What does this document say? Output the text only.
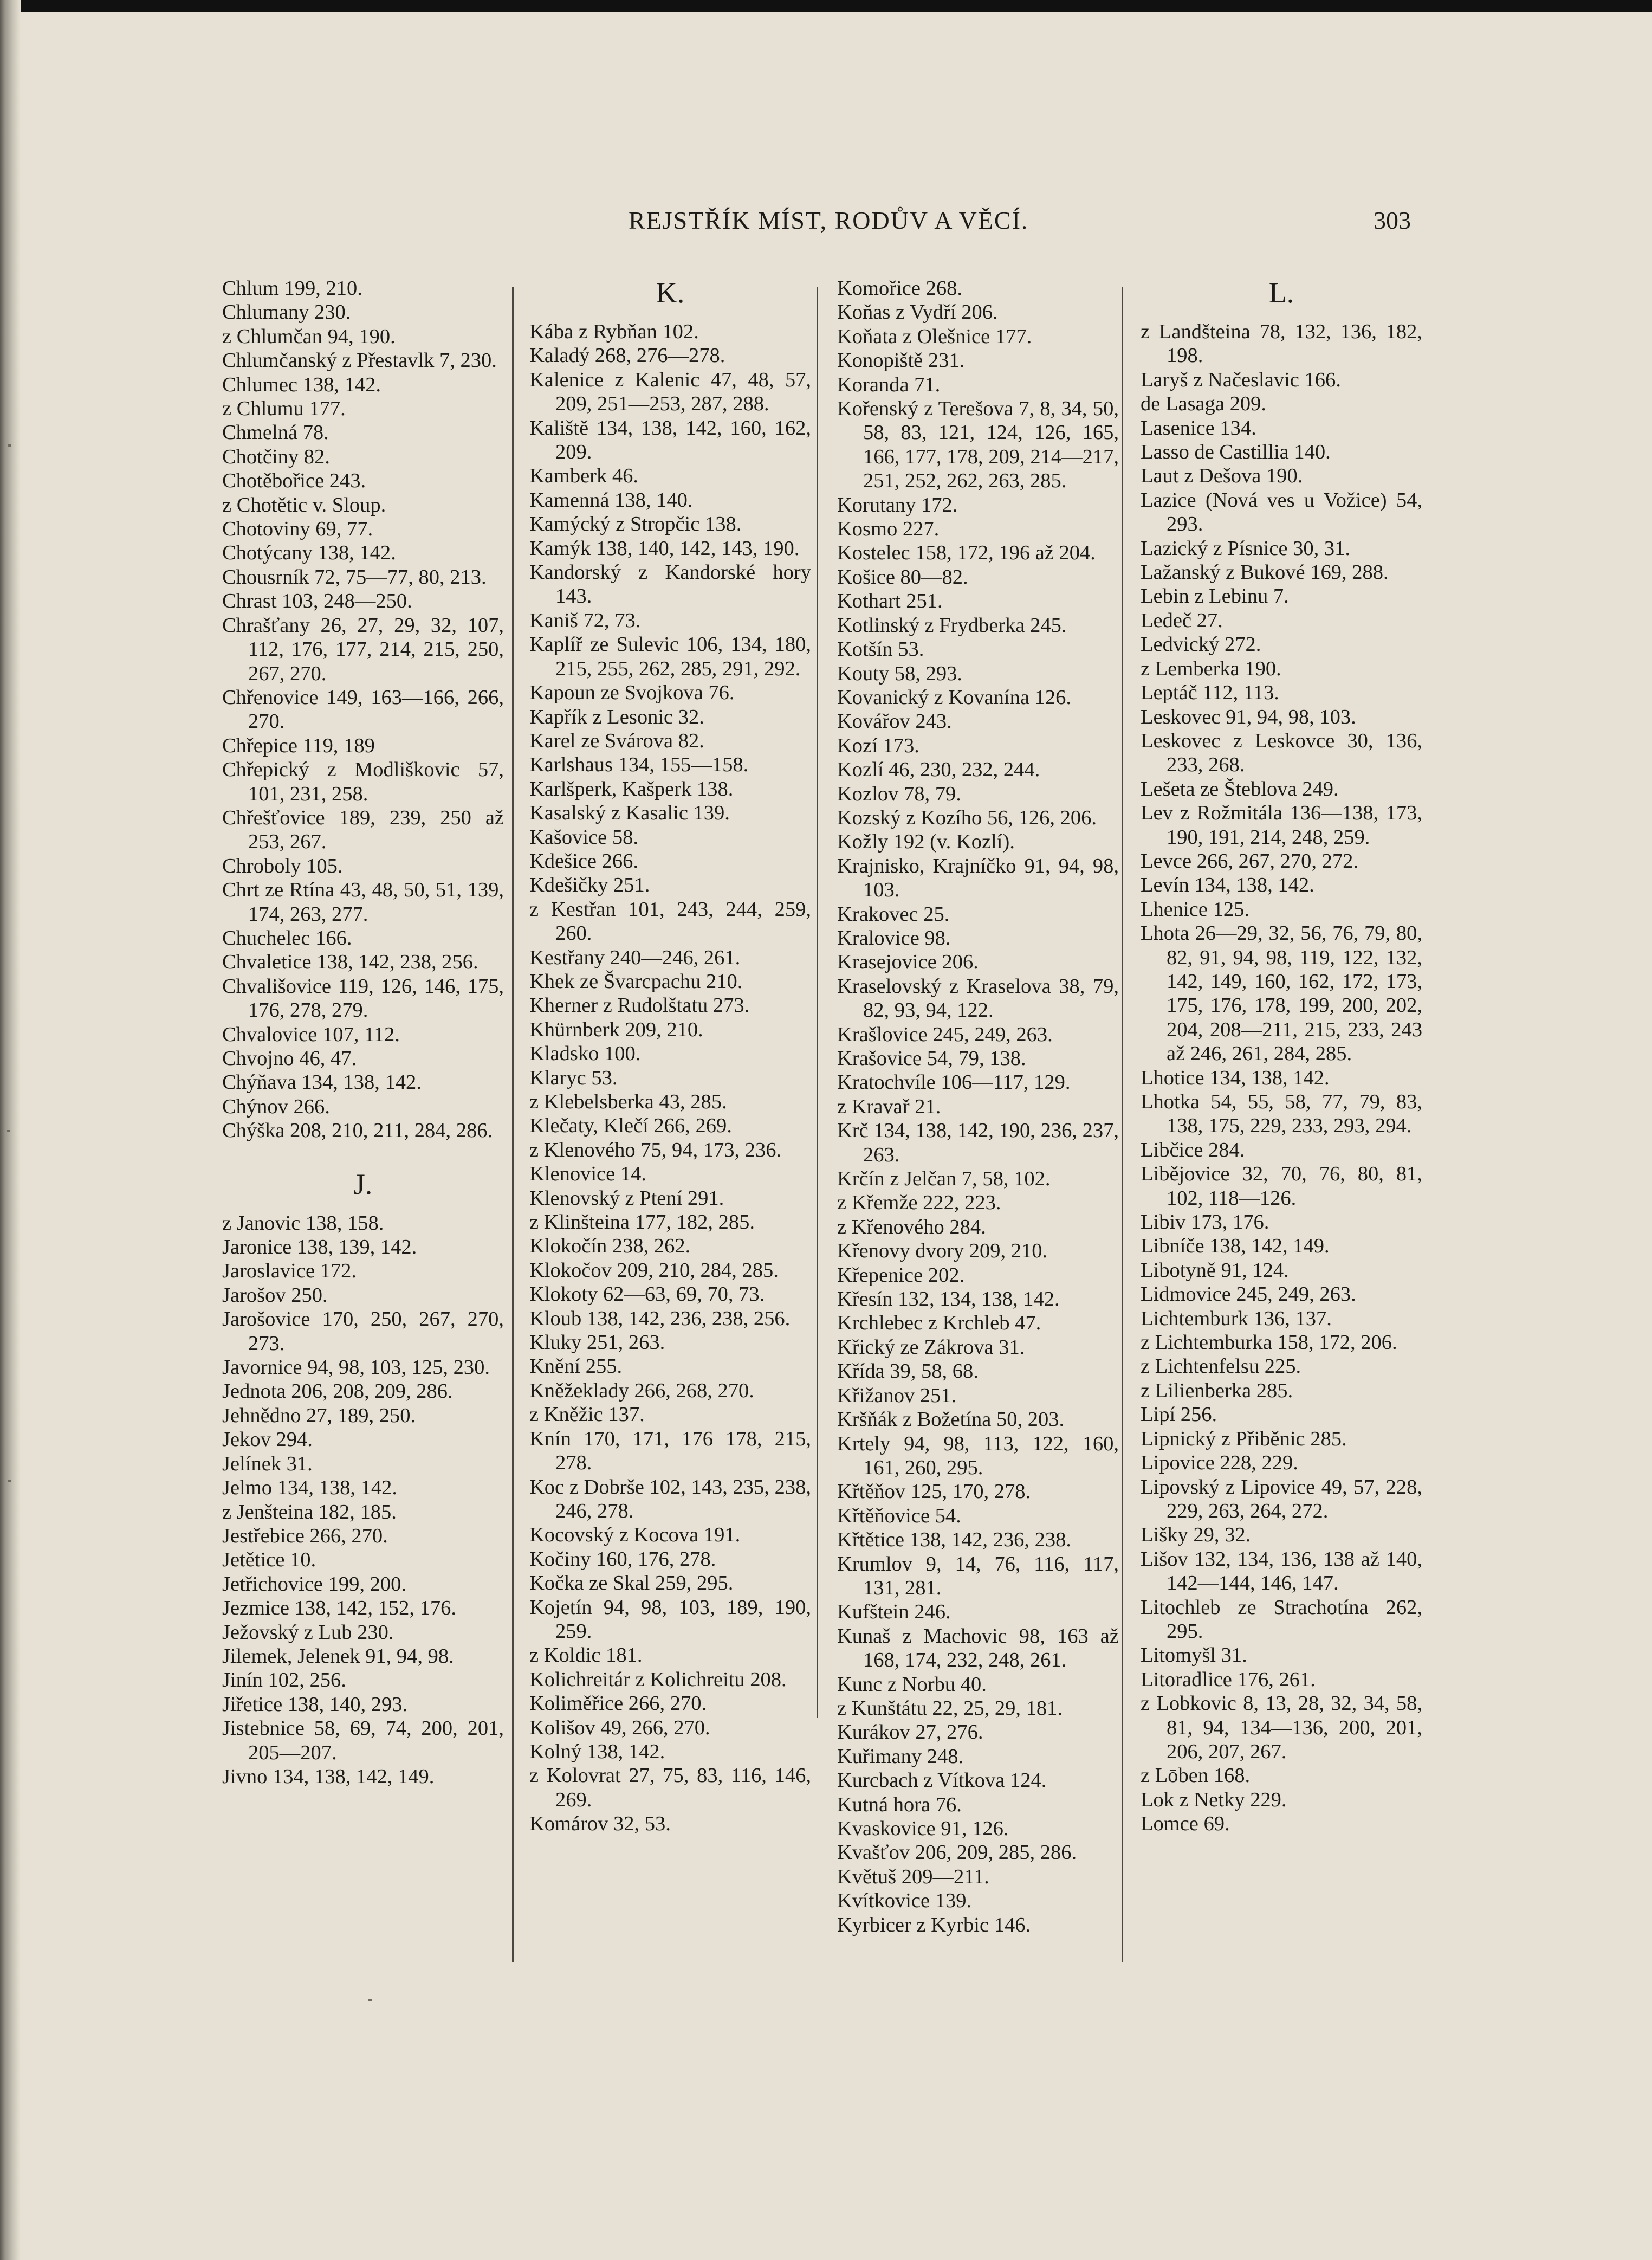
REJSTŘÍK MÍST, RODŮV A VĚCÍ.	303
Chlum 199, 210.
Chlumany 230.
z Chlumčan 94, 190.
Chlumčanský z Přestavlk 7, 230.
Chlumec 138, 142.
z Chlumu 177.
Chmelná 78.
Chotčiny 82.
Chotěbořice 243.
z Chotětic v. Sloup.
Chotoviny 69, 77.
Chotýcany 138, 142.
Chousrník 72, 75—77, 80, 213.
Chrast 103, 248—250.
Chrašťany 26, 27, 29, 32, 107, 112, 176, 177, 214, 215, 250, 267, 270.
Chřenovice 149, 163—166, 266, 270.
Chřepice 119, 189
Chřepický z Modliškovic 57, 101, 231, 258.
Chřešťovice 189, 239, 250 až 253, 267.
Chroboly 105.
Chrt ze Rtína 43, 48, 50, 51, 139, 174, 263, 277.
Chuchelec 166.
Chvaletice 138, 142, 238, 256.
Chvališovice 119, 126, 146, 175, 176, 278, 279.
Chvalovice 107, 112.
Chvojno 46, 47.
Chýňava 134, 138, 142.
Chýnov 266.
Chýška 208, 210, 211, 284, 286.
J.
z Janovic 138, 158.
Jaronice 138, 139, 142.
Jaroslavice 172.
Jarošov 250.
Jarošovice 170, 250, 267, 270, 273.
Javornice 94, 98, 103, 125, 230.
Jednota 206, 208, 209, 286.
Jehnědno 27, 189, 250.
Jekov 294.
Jelínek 31.
Jelmo 134, 138, 142.
z Jenšteina 182, 185.
Jestřebice 266, 270.
Jetětice 10.
Jetřichovice 199, 200.
Jezmice 138, 142, 152, 176.
Ježovský z Lub 230.
Jilemek, Jelenek 91, 94, 98.
Jinín 102, 256.
Jiřetice 138, 140, 293.
Jistebnice 58, 69, 74, 200, 201, 205—207.
Jivno 134, 138, 142, 149.
K.
Kába z Rybňan 102.
Kaladý 268, 276—278.
Kalenice z Kalenic 47, 48, 57, 209, 251—253, 287, 288.
Kaliště 134, 138, 142, 160, 162, 209.
Kamberk 46.
Kamenná 138, 140.
Kamýcký z Stropčic 138.
Kamýk 138, 140, 142, 143, 190.
Kandorský z Kandorské hory 143.
Kaniš 72, 73.
Kaplíř ze Sulevic 106, 134, 180, 215, 255, 262, 285, 291, 292.
Kapoun ze Svojkova 76.
Kapřík z Lesonic 32.
Karel ze Svárova 82.
Karlshaus 134, 155—158.
Karlšperk, Kašperk 138.
Kasalský z Kasalic 139.
Kašovice 58.
Kdešice 266.
Kdešičky 251.
z Kestřan 101, 243, 244, 259, 260.
Kestřany 240—246, 261.
Khek ze Švarcpachu 210.
Kherner z Rudolštatu 273.
Khürnberk 209, 210.
Kladsko 100.
Klaryc 53.
z Klebelsberka 43, 285.
Klečaty, Klečí 266, 269.
z Klenového 75, 94, 173, 236.
Klenovice 14.
Klenovský z Ptení 291.
z Klinšteina 177, 182, 285.
Klokočín 238, 262.
Klokočov 209, 210, 284, 285.
Klokoty 62—63, 69, 70, 73.
Kloub 138, 142, 236, 238, 256.
Kluky 251, 263.
Knění 255.
Kněžeklady 266, 268, 270.
z Kněžic 137.
Knín 170, 171, 176 178, 215, 278.
Koc z Dobrše 102, 143, 235, 238, 246, 278.
Kocovský z Kocova 191.
Kočiny 160, 176, 278.
Kočka ze Skal 259, 295.
Kojetín 94, 98, 103, 189, 190, 259.
z Koldic 181.
Kolichreitár z Kolichreitu 208.
Koliměřice 266, 270.
Kolišov 49, 266, 270.
Kolný 138, 142.
z Kolovrat 27, 75, 83, 116, 146, 269.
Komárov 32, 53.
Komořice 268.
Koňas z Vydří 206.
Koňata z Olešnice 177.
Konopiště 231.
Koranda 71.
Kořenský z Terešova 7, 8, 34, 50, 58, 83, 121, 124, 126, 165, 166, 177, 178, 209, 214—217, 251, 252, 262, 263, 285.
Korutany 172.
Kosmo 227.
Kostelec 158, 172, 196 až 204.
Košice 80—82.
Kothart 251.
Kotlinský z Frydberka 245.
Kotšín 53.
Kouty 58, 293.
Kovanický z Kovanína 126.
Kovářov 243.
Kozí 173.
Kozlí 46, 230, 232, 244.
Kozlov 78, 79.
Kozský z Kozího 56, 126, 206.
Kožly 192 (v. Kozlí).
Krajnisko, Krajníčko 91, 94, 98, 103.
Krakovec 25.
Kralovice 98.
Krasejovice 206.
Kraselovský z Kraselova 38, 79, 82, 93, 94, 122.
Krašlovice 245, 249, 263.
Krašovice 54, 79, 138.
Kratochvíle 106—117, 129.
z Kravař 21.
Krč 134, 138, 142, 190, 236, 237, 263.
Krčín z Jelčan 7, 58, 102.
z Křemže 222, 223.
z Křenového 284.
Křenovy dvory 209, 210.
Křepenice 202.
Křesín 132, 134, 138, 142.
Krchlebec z Krchleb 47.
Křický ze Zákrova 31.
Křída 39, 58, 68.
Křižanov 251.
Kršňák z Božetína 50, 203.
Krtely 94, 98, 113, 122, 160, 161, 260, 295.
Křtěňov 125, 170, 278.
Křtěňovice 54.
Křtětice 138, 142, 236, 238.
Krumlov 9, 14, 76, 116, 117, 131, 281.
Kufštein 246.
Kunaš z Machovic 98, 163 až 168, 174, 232, 248, 261.
Kunc z Norbu 40.
z Kunštátu 22, 25, 29, 181.
Kurákov 27, 276.
Kuřimany 248.
Kurcbach z Vítkova 124.
Kutná hora 76.
Kvaskovice 91, 126.
Kvašťov 206, 209, 285, 286.
Květuš 209—211.
Kvítkovice 139.
Kyrbicer z Kyrbic 146.
L.
z Landšteina 78, 132, 136, 182, 198.
Laryš z Načeslavic 166.
de Lasaga 209.
Lasenice 134.
Lasso de Castillia 140.
Laut z Dešova 190.
Lazice (Nová ves u Vožice) 54, 293.
Lazický z Písnice 30, 31.
Lažanský z Bukové 169, 288.
Lebin z Lebinu 7.
Ledeč 27.
Ledvický 272.
z Lemberka 190.
Leptáč 112, 113.
Leskovec 91, 94, 98, 103.
Leskovec z Leskovce 30, 136, 233, 268.
Lešeta ze Šteblova 249.
Lev z Rožmitála 136—138, 173, 190, 191, 214, 248, 259.
Levce 266, 267, 270, 272.
Levín 134, 138, 142.
Lhenice 125.
Lhota 26—29, 32, 56, 76, 79, 80, 82, 91, 94, 98, 119, 122, 132, 142, 149, 160, 162, 172, 173, 175, 176, 178, 199, 200, 202, 204, 208—211, 215, 233, 243 až 246, 261, 284, 285.
Lhotice 134, 138, 142.
Lhotka 54, 55, 58, 77, 79, 83, 138, 175, 229, 233, 293, 294.
Libčice 284.
Liběјovice 32, 70, 76, 80, 81, 102, 118—126.
Libiv 173, 176.
Libníče 138, 142, 149.
Libotyně 91, 124.
Lidmovice 245, 249, 263.
Lichtemburk 136, 137.
z Lichtemburka 158, 172, 206.
z Lichtenfelsu 225.
z Lilienberka 285.
Lipí 256.
Lipnický z Přiběnic 285.
Lipovice 228, 229.
Lipovský z Lipovice 49, 57, 228, 229, 263, 264, 272.
Lišky 29, 32.
Lišov 132, 134, 136, 138 až 140, 142—144, 146, 147.
Litochleb ze Strachotína 262, 295.
Litomyšl 31.
Litoradlice 176, 261.
z Lobkovic 8, 13, 28, 32, 34, 58, 81, 94, 134—136, 200, 201, 206, 207, 267.
z Lōben 168.
Lok z Netky 229.
Lomce 69.
